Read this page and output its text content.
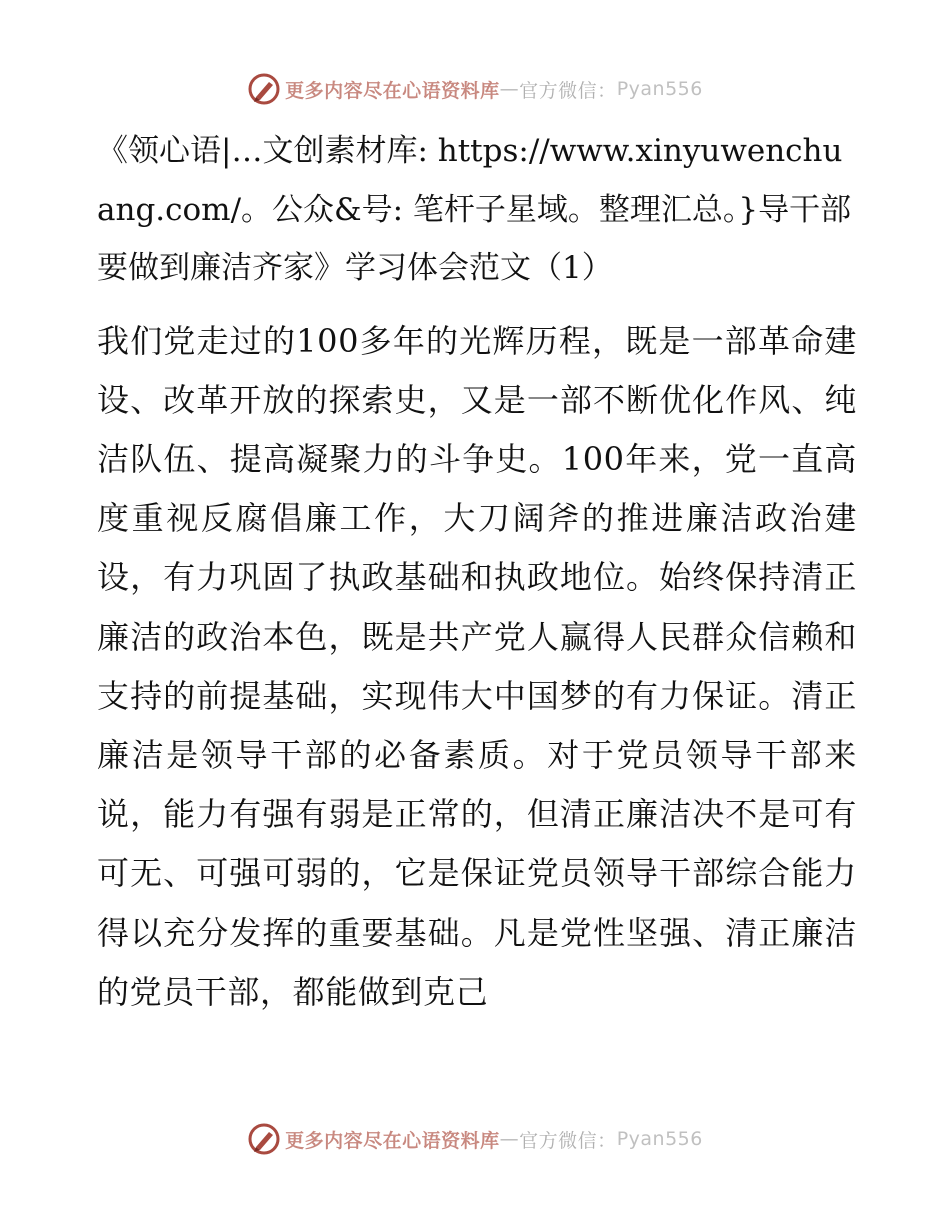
更多内容尽在心语资料库 — 官方微信： Pyan556

《领心语|…文创素材库: https://www.xinyuwenchuang.com/。公众&号: 笔杆子星域。整理汇总。}导干部要做到廉洁齐家》学习体会范文（1）

我们党走过的100多年的光辉历程，既是一部革命建设、改革开放的探索史，又是一部不断优化作风、纯洁队伍、提高凝聚力的斗争史。100年来，党一直高度重视反腐倡廉工作，大刀阔斧的推进廉洁政治建设，有力巩固了执政基础和执政地位。始终保持清正廉洁的政治本色，既是共产党人赢得人民群众信赖和支持的前提基础，实现伟大中国梦的有力保证。清正廉洁是领导干部的必备素质。对于党员领导干部来说，能力有强有弱是正常的，但清正廉洁决不是可有可无、可强可弱的，它是保证党员领导干部综合能力得以充分发挥的重要基础。凡是党性坚强、清正廉洁的党员干部，都能做到克己

更多内容尽在心语资料库 — 官方微信： Pyan556
